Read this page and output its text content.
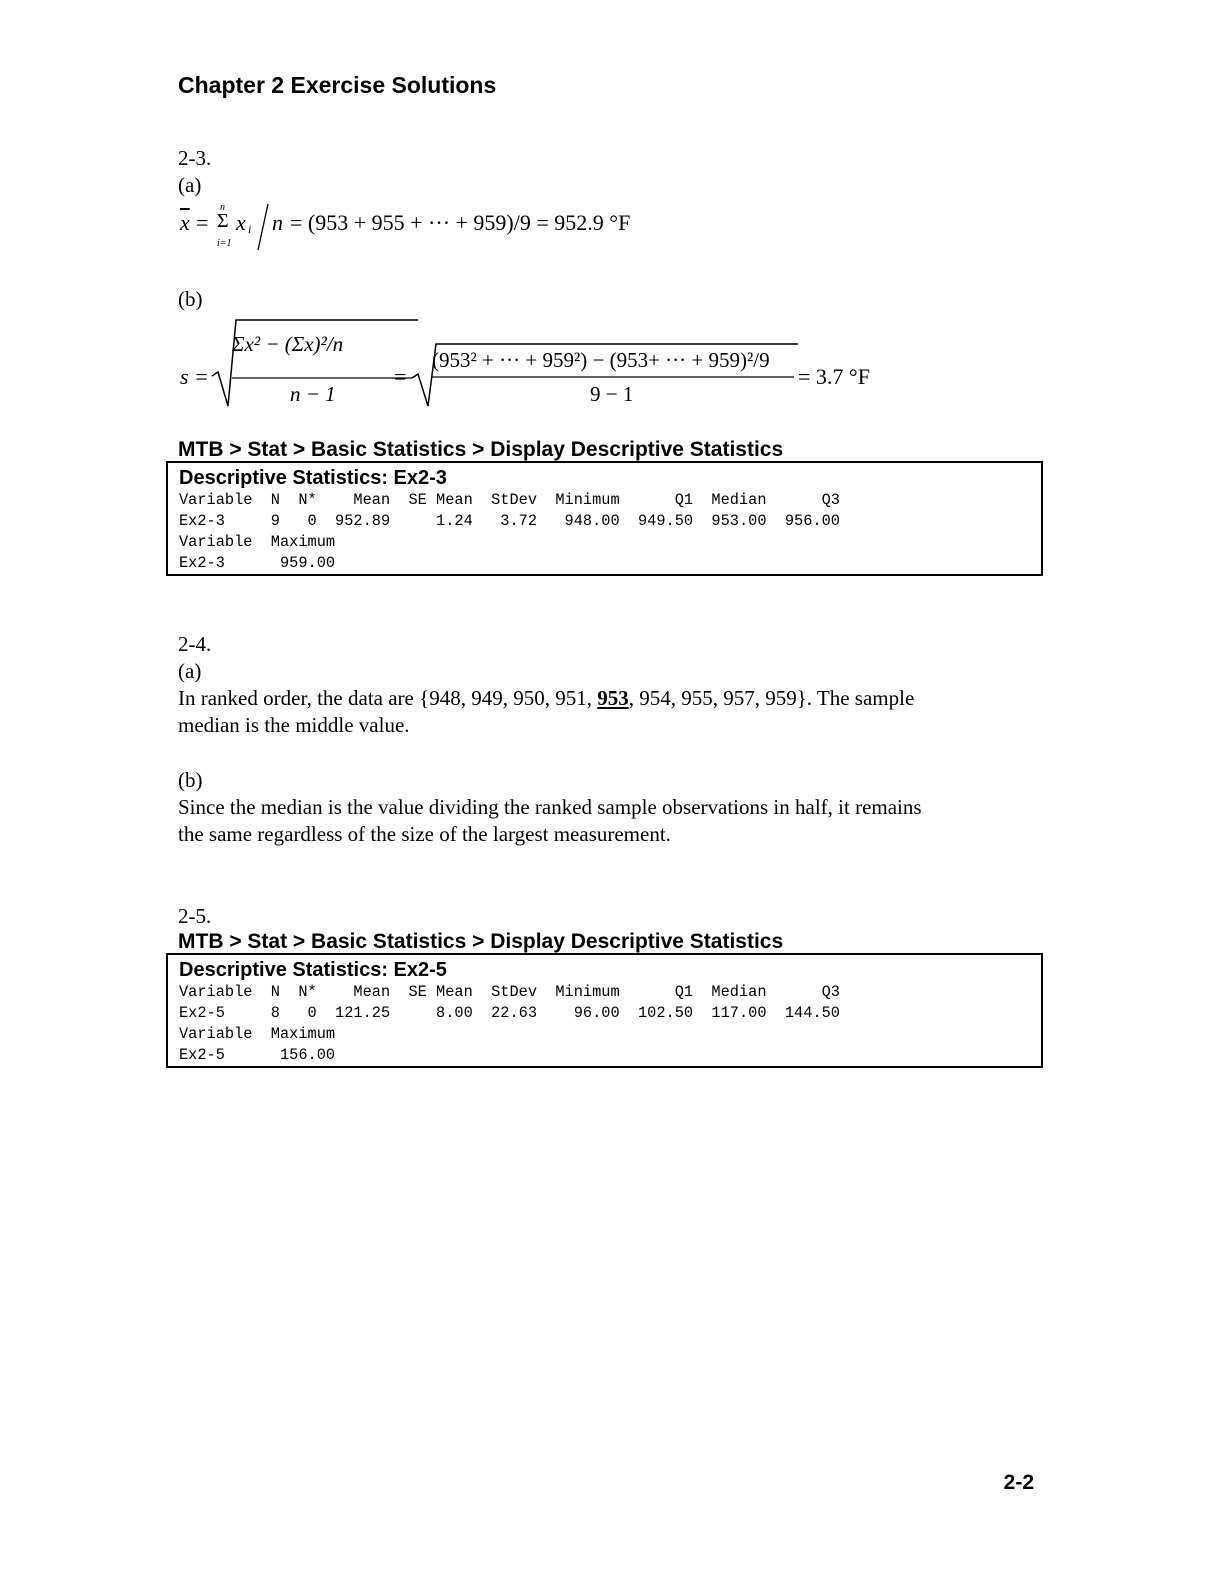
Chapter 2 Exercise Solutions
2-3.
(a)
$\overline{x}$ =
n
Σ
i=1
x i n = (953 + 955 + ··· + 959)/9 = 952.9 °F
(b)
s =
Σx² − (Σx)²/n
n − 1
=
(953² + ··· + 959²) − (953+ ··· + 959)²/9
9 − 1
= 3.7 °F
MTB > Stat > Basic Statistics > Display Descriptive Statistics
Descriptive Statistics: Ex2-3
Variable  N  N*    Mean  SE Mean  StDev  Minimum      Q1  Median      Q3
Ex2-3     9   0  952.89     1.24   3.72   948.00  949.50  953.00  956.00
Variable  Maximum
Ex2-3      959.00
2-4.
(a)
In ranked order, the data are {948, 949, 950, 951, 953, 954, 955, 957, 959}. The sample
median is the middle value.
(b)
Since the median is the value dividing the ranked sample observations in half, it remains
the same regardless of the size of the largest measurement.
2-5.
MTB > Stat > Basic Statistics > Display Descriptive Statistics
Descriptive Statistics: Ex2-5
Variable  N  N*    Mean  SE Mean  StDev  Minimum      Q1  Median      Q3
Ex2-5     8   0  121.25     8.00  22.63    96.00  102.50  117.00  144.50
Variable  Maximum
Ex2-5      156.00
2-2
